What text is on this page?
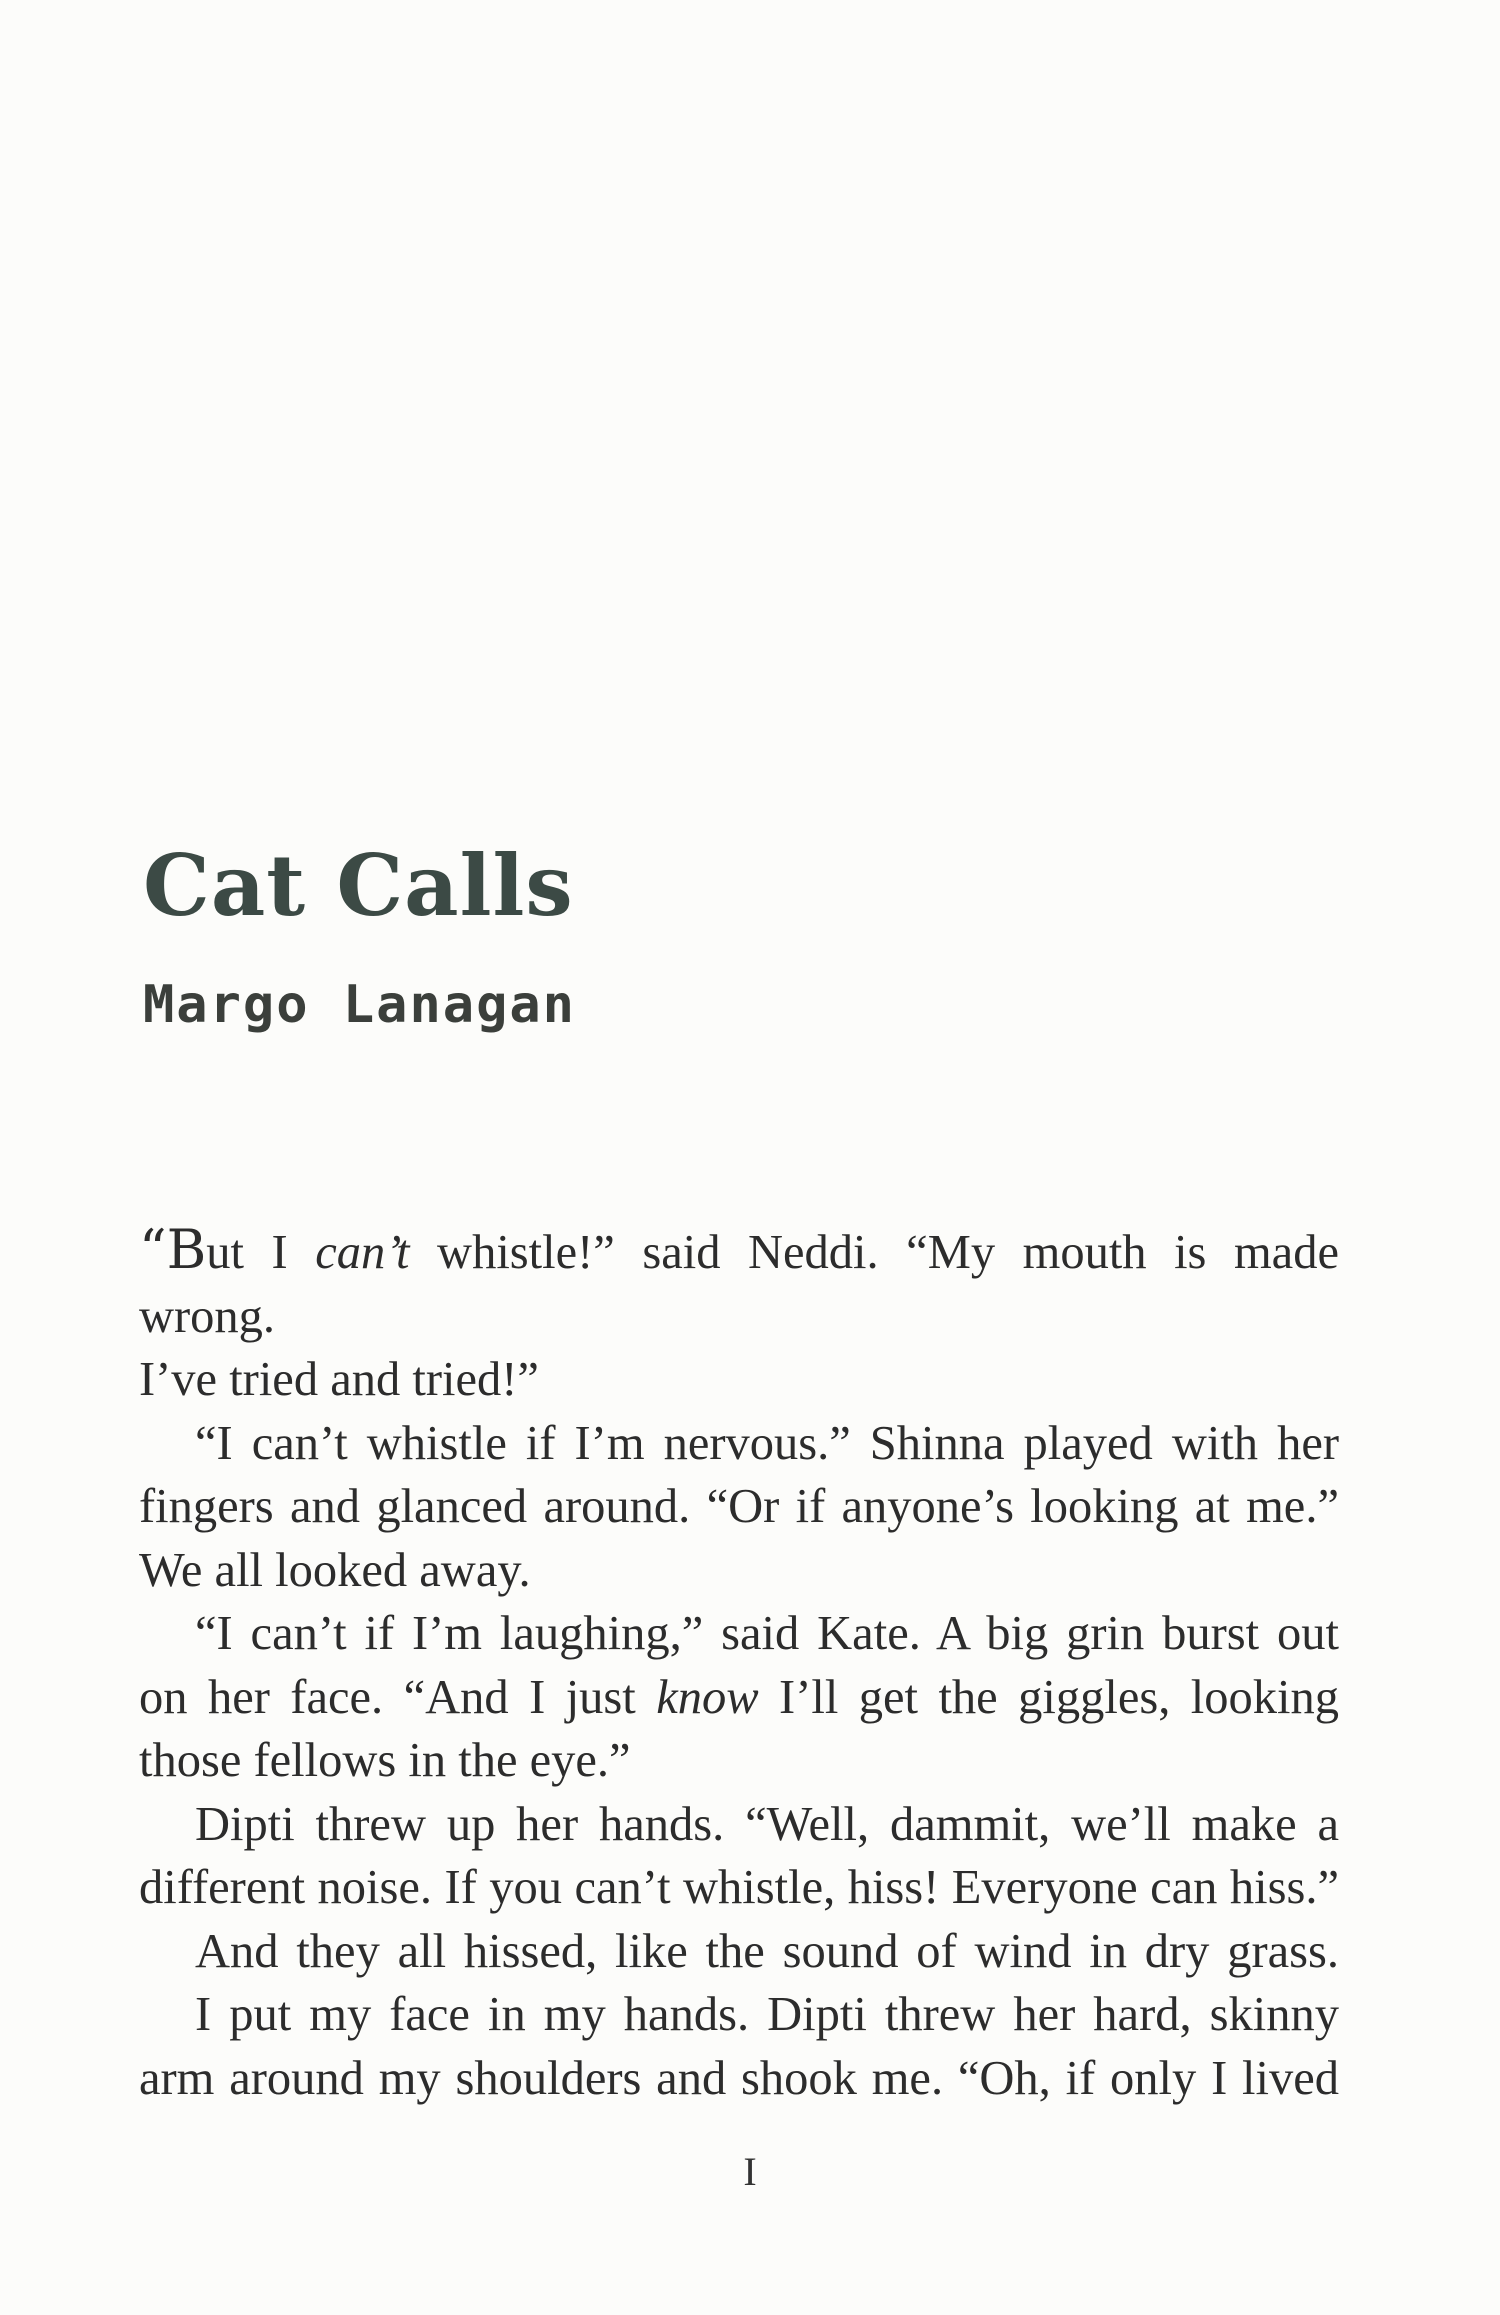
Cat Calls
Margo Lanagan

“But I can’t whistle!” said Neddi. “My mouth is made wrong.
I’ve tried and tried!”

“I can’t whistle if I’m nervous.” Shinna played with her
fingers and glanced around. “Or if anyone’s looking at me.”
We all looked away.

“I can’t if I’m laughing,” said Kate. A big grin burst out
on her face. “And I just know I’ll get the giggles, looking
those fellows in the eye.”

Dipti threw up her hands. “Well, dammit, we’ll make a
different noise. If you can’t whistle, hiss! Everyone can hiss.”

And they all hissed, like the sound of wind in dry grass.

I put my face in my hands. Dipti threw her hard, skinny
arm around my shoulders and shook me. “Oh, if only I lived

I
